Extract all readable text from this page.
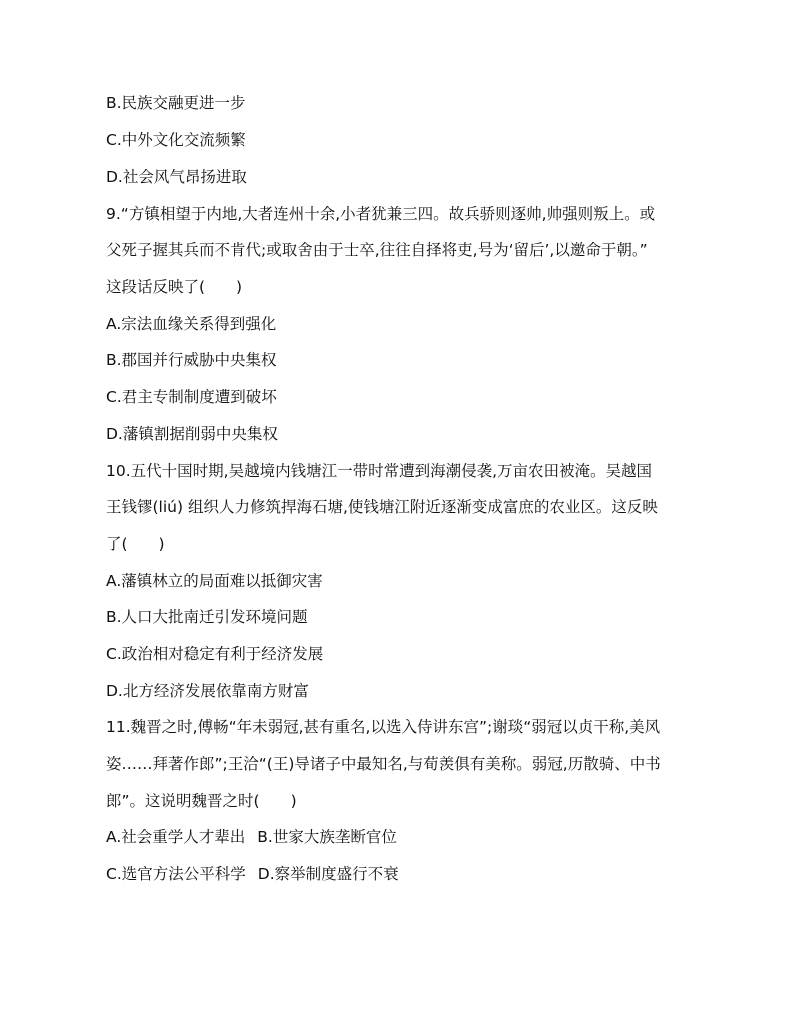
B.民族交融更进一步
C.中外文化交流频繁
D.社会风气昂扬进取
9.“方镇相望于内地,大者连州十余,小者犹兼三四。故兵骄则逐帅,帅强则叛上。或
父死子握其兵而不肯代;或取舍由于士卒,往往自择将吏,号为‘留后’,以邀命于朝。”
这段话反映了(　　)
A.宗法血缘关系得到强化
B.郡国并行威胁中央集权
C.君主专制制度遭到破坏
D.藩镇割据削弱中央集权
10.五代十国时期,吴越境内钱塘江一带时常遭到海潮侵袭,万亩农田被淹。吴越国
王钱镠(liú) 组织人力修筑捍海石塘,使钱塘江附近逐渐变成富庶的农业区。这反映
了(　　)
A.藩镇林立的局面难以抵御灾害
B.人口大批南迁引发环境问题
C.政治相对稳定有利于经济发展
D.北方经济发展依靠南方财富
11.魏晋之时,傅畅“年未弱冠,甚有重名,以选入侍讲东宫”;谢琰“弱冠以贞干称,美风
姿……拜著作郎”;王洽“(王)导诸子中最知名,与荀羡俱有美称。弱冠,历散骑、中书
郎”。这说明魏晋之时(　　)
A.社会重学人才辈出 B.世家大族垄断官位
C.选官方法公平科学 D.察举制度盛行不衰
